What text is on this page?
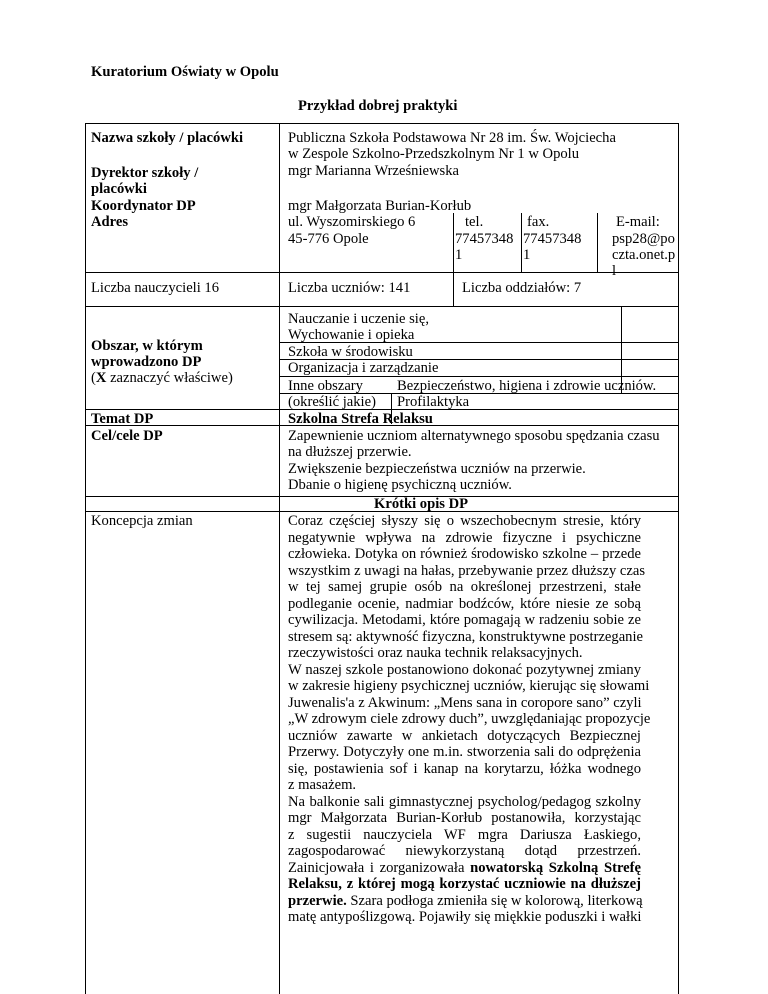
Kuratorium Oświaty w Opolu
Przykład dobrej praktyki
Nazwa szkoły / placówki
Dyrektor szkoły /
placówki
Koordynator DP
Adres
Liczba nauczycieli 16
Obszar, w którym
wprowadzono DP
(X zaznaczyć właściwe)
Temat DP
Cel/cele DP
Koncepcja zmian
Publiczna Szkoła Podstawowa Nr 28 im. Św. Wojciecha
w Zespole Szkolno-Przedszkolnym Nr 1 w Opolu
mgr Marianna Wrześniewska
mgr Małgorzata Burian-Korłub
ul. Wyszomirskiego 6
45-776 Opole
tel.
77457348
1
fax.
77457348
1
E-mail:
psp28@po
czta.onet.p
l
Liczba uczniów: 141	Liczba oddziałów: 7
Nauczanie i uczenie się,
Wychowanie i opieka
Szkoła w środowisku
Organizacja i zarządzanie
Inne obszary
(określić jakie)
Bezpieczeństwo, higiena i zdrowie uczniów.
Profilaktyka
Szkolna Strefa Relaksu
Zapewnienie uczniom alternatywnego sposobu spędzania czasu
na dłuższej przerwie.
Zwiększenie bezpieczeństwa uczniów na przerwie.
Dbanie o higienę psychiczną uczniów.
Krótki opis DP
Coraz częściej słyszy się o wszechobecnym stresie, który
negatywnie wpływa na zdrowie fizyczne i psychiczne
człowieka. Dotyka on również środowisko szkolne – przede
wszystkim z uwagi na hałas, przebywanie przez dłuższy czas
w tej samej grupie osób na określonej przestrzeni, stałe
podleganie ocenie, nadmiar bodźców, które niesie ze sobą
cywilizacja. Metodami, które pomagają w radzeniu sobie ze
stresem są: aktywność fizyczna, konstruktywne postrzeganie
rzeczywistości oraz nauka technik relaksacyjnych.
W naszej szkole postanowiono dokonać pozytywnej zmiany
w zakresie higieny psychicznej uczniów, kierując się słowami
Juwenalis'a z Akwinum: „Mens sana in coropore sano” czyli
„W zdrowym ciele zdrowy duch”, uwzględaniając propozycje
uczniów zawarte w ankietach dotyczących Bezpiecznej
Przerwy. Dotyczyły one m.in. stworzenia sali do odprężenia
się, postawienia sof i kanap na korytarzu, łóżka wodnego
z masażem.
Na balkonie sali gimnastycznej psycholog/pedagog szkolny
mgr Małgorzata Burian-Korłub postanowiła, korzystając
z sugestii nauczyciela WF mgra Dariusza Łaskiego,
zagospodarować niewykorzystaną dotąd przestrzeń.
Zainicjowała i zorganizowała nowatorską Szkolną Strefę
Relaksu, z której mogą korzystać uczniowie na dłuższej
przerwie. Szara podłoga zmieniła się w kolorową, literkową
matę antypoślizgową. Pojawiły się miękkie poduszki i wałki
